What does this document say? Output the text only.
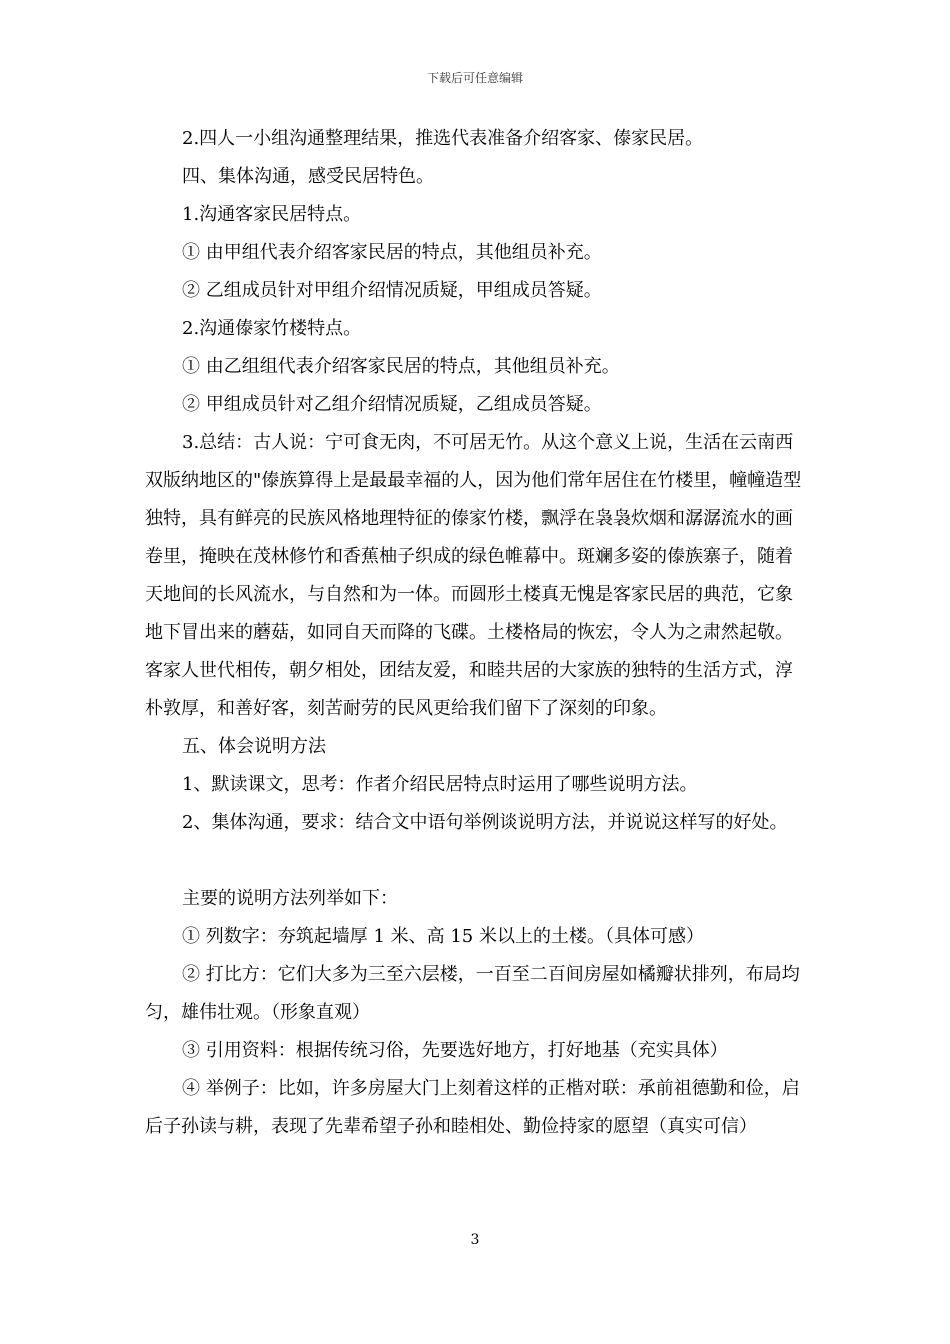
下载后可任意编辑

2.四人一小组沟通整理结果，推选代表准备介绍客家、傣家民居。

四、集体沟通，感受民居特色。

1.沟通客家民居特点。

① 由甲组代表介绍客家民居的特点，其他组员补充。

② 乙组成员针对甲组介绍情况质疑，甲组成员答疑。

2.沟通傣家竹楼特点。

① 由乙组组代表介绍客家民居的特点，其他组员补充。

② 甲组成员针对乙组介绍情况质疑，乙组成员答疑。

3.总结：古人说：宁可食无肉，不可居无竹。从这个意义上说，生活在云南西双版纳地区的"傣族算得上是最最幸福的人，因为他们常年居住在竹楼里，幢幢造型独特，具有鲜亮的民族风格地理特征的傣家竹楼，飘浮在袅袅炊烟和潺潺流水的画卷里，掩映在茂林修竹和香蕉柚子织成的绿色帷幕中。斑斓多姿的傣族寨子，随着天地间的长风流水，与自然和为一体。而圆形土楼真无愧是客家民居的典范，它象地下冒出来的蘑菇，如同自天而降的飞碟。土楼格局的恢宏，令人为之肃然起敬。客家人世代相传，朝夕相处，团结友爱，和睦共居的大家族的独特的生活方式，淳朴敦厚，和善好客，刻苦耐劳的民风更给我们留下了深刻的印象。

五、体会说明方法

1、默读课文，思考：作者介绍民居特点时运用了哪些说明方法。

2、集体沟通，要求：结合文中语句举例谈说明方法，并说说这样写的好处。

主要的说明方法列举如下：

① 列数字：夯筑起墙厚 1 米、高 15 米以上的土楼。（具体可感）

② 打比方：它们大多为三至六层楼，一百至二百间房屋如橘瓣状排列，布局均匀，雄伟壮观。（形象直观）

③ 引用资料：根据传统习俗，先要选好地方，打好地基（充实具体）

④ 举例子：比如，许多房屋大门上刻着这样的正楷对联：承前祖德勤和俭，启后子孙读与耕，表现了先辈希望子孙和睦相处、勤俭持家的愿望（真实可信）

3
